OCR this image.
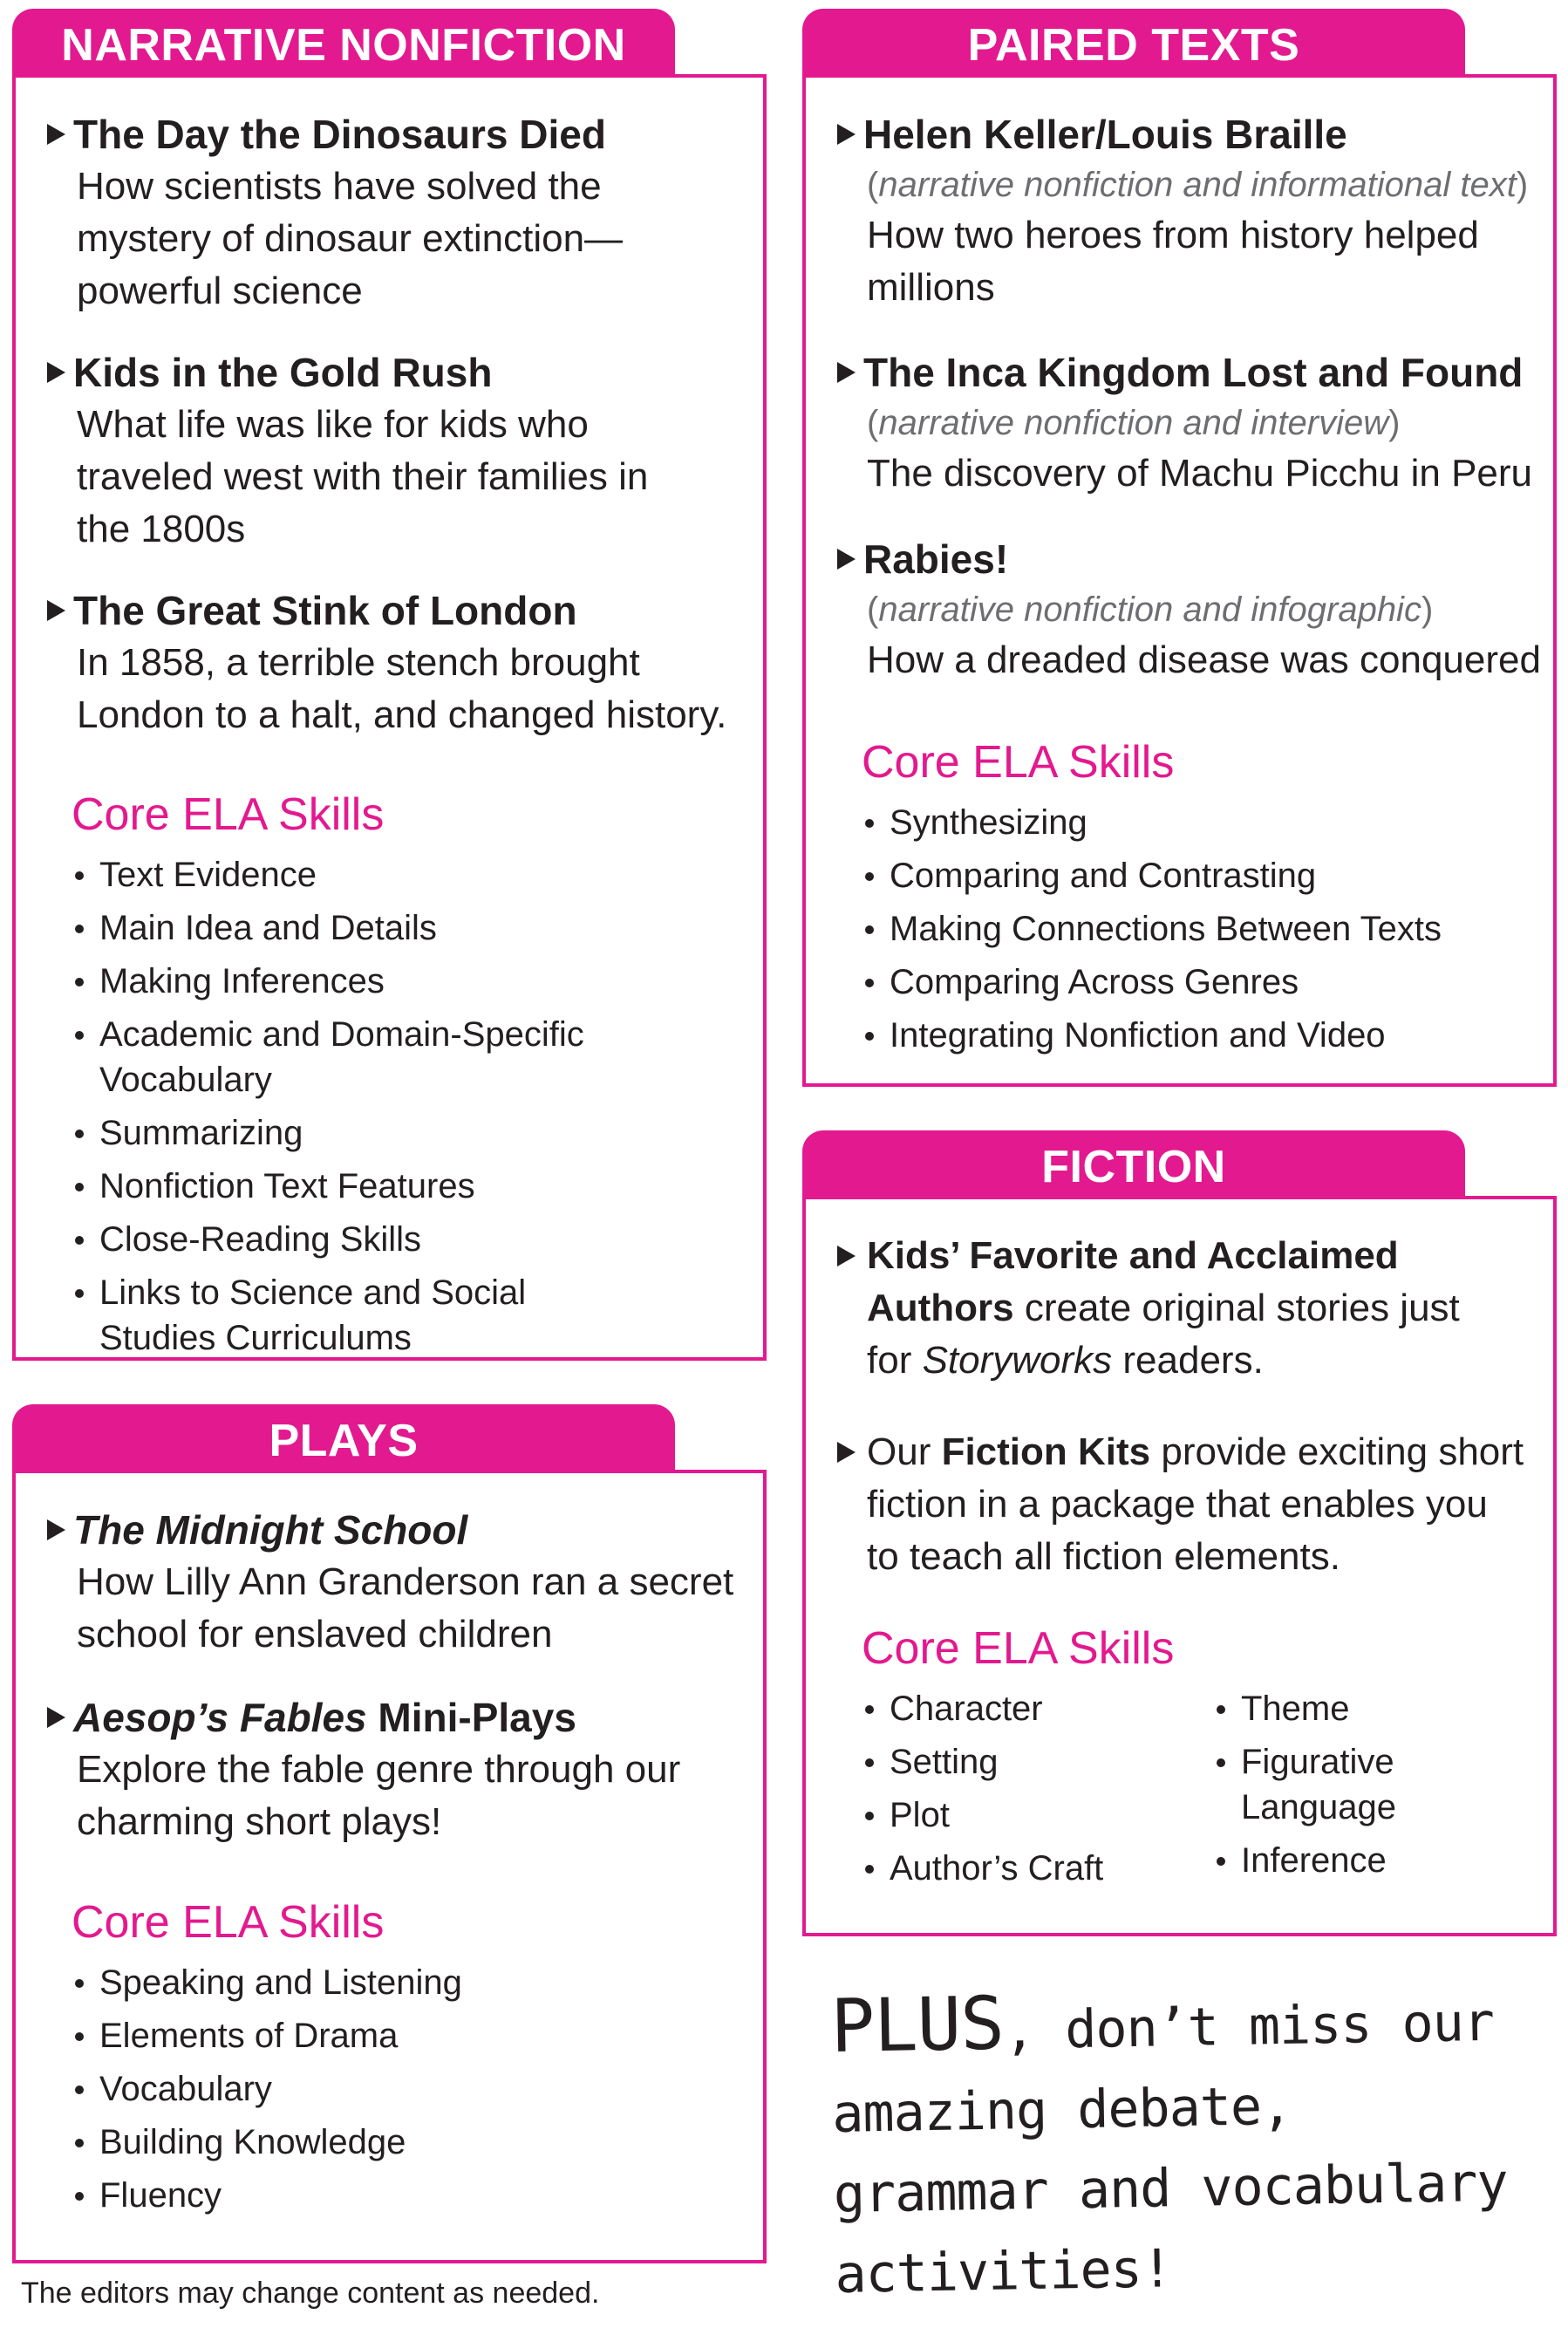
NARRATIVE NONFICTION
The Day the Dinosaurs Died
How scientists have solved the mystery of dinosaur extinction—powerful science
Kids in the Gold Rush
What life was like for kids who traveled west with their families in the 1800s
The Great Stink of London
In 1858, a terrible stench brought London to a halt, and changed history.
Core ELA Skills
Text Evidence
Main Idea and Details
Making Inferences
Academic and Domain-Specific Vocabulary
Summarizing
Nonfiction Text Features
Close-Reading Skills
Links to Science and Social Studies Curriculums
PAIRED TEXTS
Helen Keller/Louis Braille
(narrative nonfiction and informational text)
How two heroes from history helped millions
The Inca Kingdom Lost and Found
(narrative nonfiction and interview)
The discovery of Machu Picchu in Peru
Rabies!
(narrative nonfiction and infographic)
How a dreaded disease was conquered
Core ELA Skills
Synthesizing
Comparing and Contrasting
Making Connections Between Texts
Comparing Across Genres
Integrating Nonfiction and Video
PLAYS
The Midnight School
How Lilly Ann Granderson ran a secret school for enslaved children
Aesop’s Fables Mini-Plays
Explore the fable genre through our charming short plays!
Core ELA Skills
Speaking and Listening
Elements of Drama
Vocabulary
Building Knowledge
Fluency
FICTION
Kids’ Favorite and Acclaimed Authors create original stories just for Storyworks readers.
Our Fiction Kits provide exciting short fiction in a package that enables you to teach all fiction elements.
Core ELA Skills
Character
Setting
Plot
Author’s Craft
Theme
Figurative Language
Inference
PLUS, don’t miss our amazing debate, grammar and vocabulary activities!
The editors may change content as needed.
